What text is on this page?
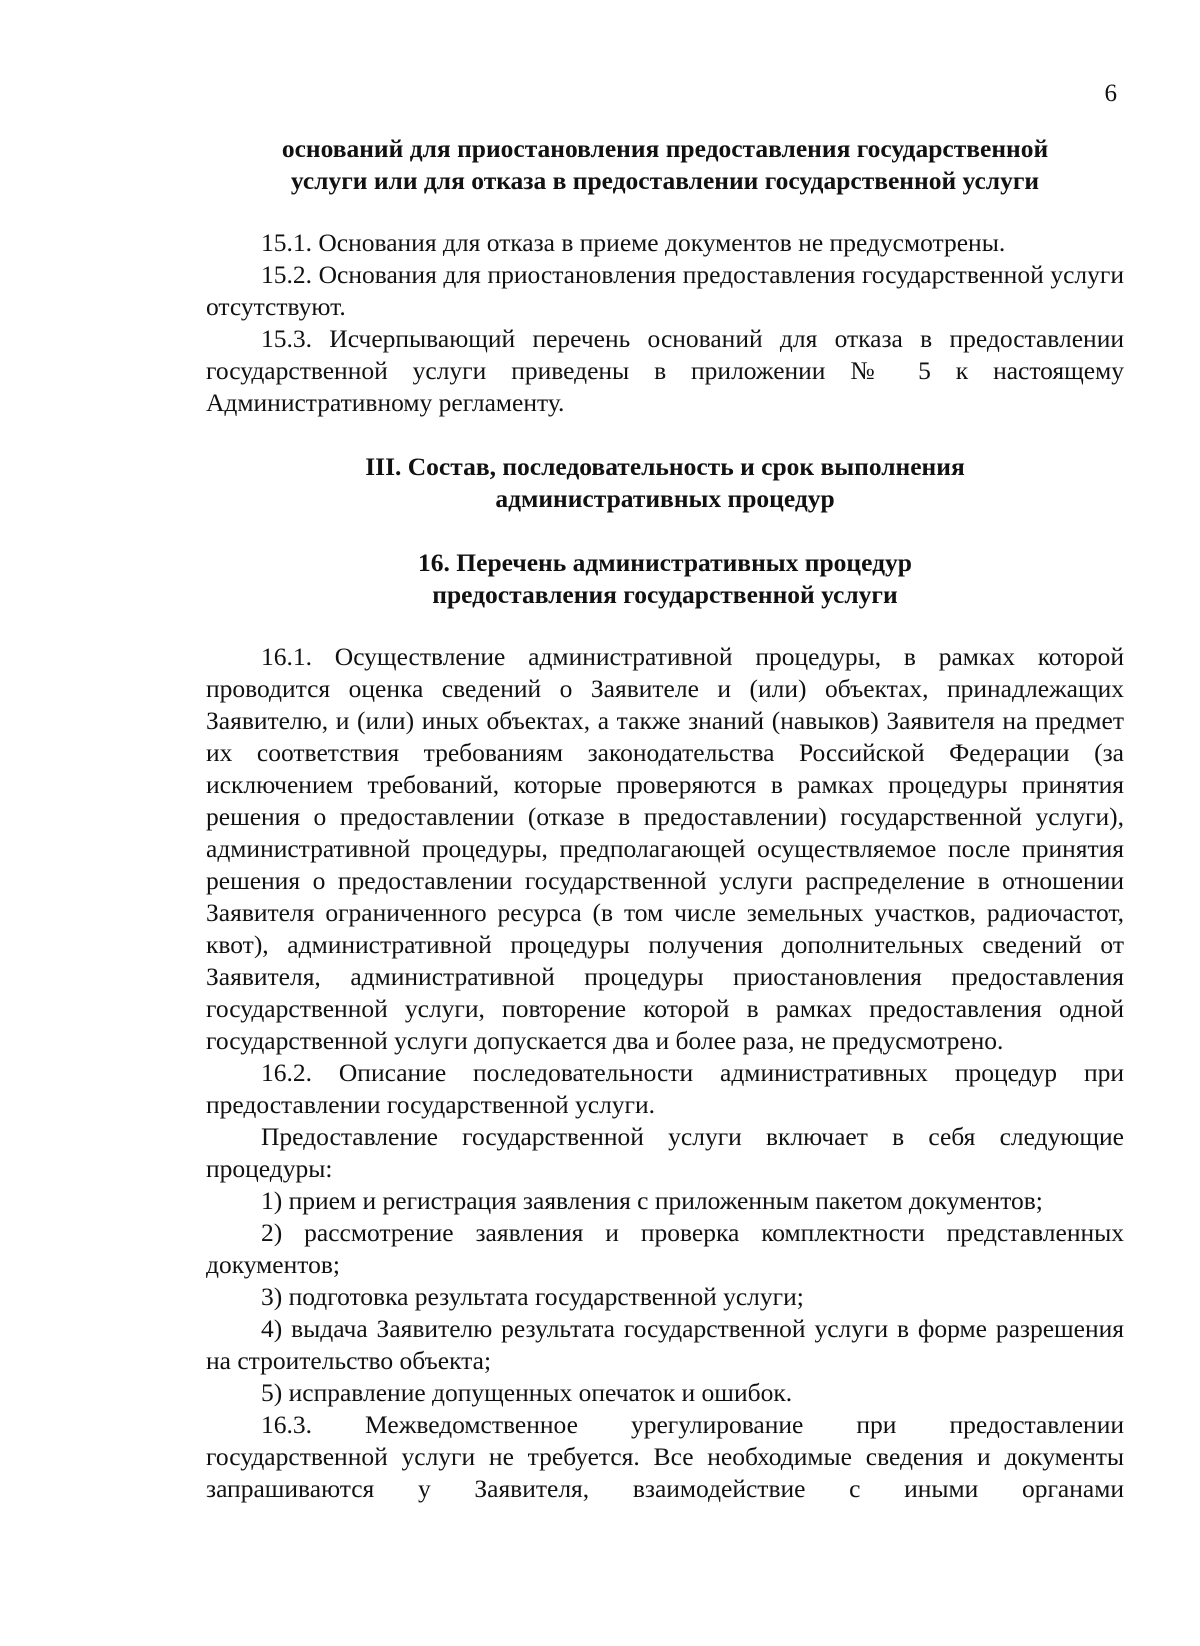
6

оснований для приостановления предоставления государственной

услуги или для отказа в предоставлении государственной услуги

15.1. Основания для отказа в приеме документов не предусмотрены.

15.2. Основания для приостановления предоставления государственной услуги отсутствуют.

15.3. Исчерпывающий перечень оснований для отказа в предоставлении государственной услуги приведены в приложении № 5 к настоящему Административному регламенту.

III. Состав, последовательность и срок выполнения

административных процедур

16. Перечень административных процедур

предоставления государственной услуги

16.1. Осуществление административной процедуры, в рамках которой проводится оценка сведений о Заявителе и (или) объектах, принадлежащих Заявителю, и (или) иных объектах, а также знаний (навыков) Заявителя на предмет их соответствия требованиям законодательства Российской Федерации (за исключением требований, которые проверяются в рамках процедуры принятия решения о предоставлении (отказе в предоставлении) государственной услуги), административной процедуры, предполагающей осуществляемое после принятия решения о предоставлении государственной услуги распределение в отношении Заявителя ограниченного ресурса (в том числе земельных участков, радиочастот, квот), административной процедуры получения дополнительных сведений от Заявителя, административной процедуры приостановления предоставления государственной услуги, повторение которой в рамках предоставления одной государственной услуги допускается два и более раза, не предусмотрено.

16.2. Описание последовательности административных процедур при предоставлении государственной услуги.

Предоставление государственной услуги включает в себя следующие процедуры:

1) прием и регистрация заявления с приложенным пакетом документов;

2) рассмотрение заявления и проверка комплектности представленных документов;

3) подготовка результата государственной услуги;

4) выдача Заявителю результата государственной услуги в форме разрешения на строительство объекта;

5) исправление допущенных опечаток и ошибок.

16.3. Межведомственное урегулирование при предоставлении государственной услуги не требуется. Все необходимые сведения и документы запрашиваются у Заявителя, взаимодействие с иными органами
